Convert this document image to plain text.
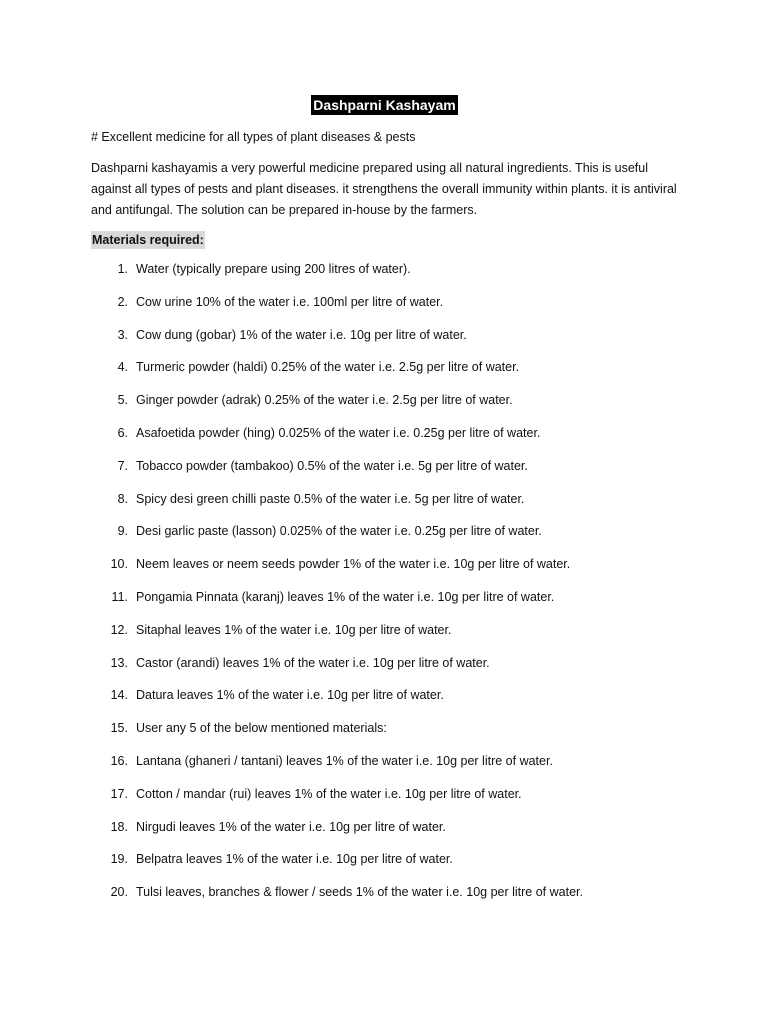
Dashparni Kashayam

# Excellent medicine for all types of plant diseases & pests

Dashparni kashayamis a very powerful medicine prepared using all natural ingredients. This is useful against all types of pests and plant diseases. it strengthens the overall immunity within plants. it is antiviral and antifungal. The solution can be prepared in-house by the farmers.

Materials required:
1. Water (typically prepare using 200 litres of water).
2. Cow urine 10% of the water i.e. 100ml per litre of water.
3. Cow dung (gobar) 1% of the water i.e. 10g per litre of water.
4. Turmeric powder (haldi) 0.25% of the water i.e. 2.5g per litre of water.
5. Ginger powder (adrak) 0.25% of the water i.e. 2.5g per litre of water.
6. Asafoetida powder (hing) 0.025% of the water i.e. 0.25g per litre of water.
7. Tobacco powder (tambakoo) 0.5% of the water i.e. 5g per litre of water.
8. Spicy desi green chilli paste 0.5% of the water i.e. 5g per litre of water.
9. Desi garlic paste (lasson) 0.025% of the water i.e. 0.25g per litre of water.
10. Neem leaves or neem seeds powder 1% of the water i.e. 10g per litre of water.
11. Pongamia Pinnata (karanj) leaves 1% of the water i.e. 10g per litre of water.
12. Sitaphal leaves 1% of the water i.e. 10g per litre of water.
13. Castor (arandi) leaves 1% of the water i.e. 10g per litre of water.
14. Datura leaves 1% of the water i.e. 10g per litre of water.
15. User any 5 of the below mentioned materials:
16. Lantana (ghaneri / tantani) leaves 1% of the water i.e. 10g per litre of water.
17. Cotton / mandar (rui) leaves 1% of the water i.e. 10g per litre of water.
18. Nirgudi leaves 1% of the water i.e. 10g per litre of water.
19. Belpatra leaves 1% of the water i.e. 10g per litre of water.
20. Tulsi leaves, branches & flower / seeds 1% of the water i.e. 10g per litre of water.
